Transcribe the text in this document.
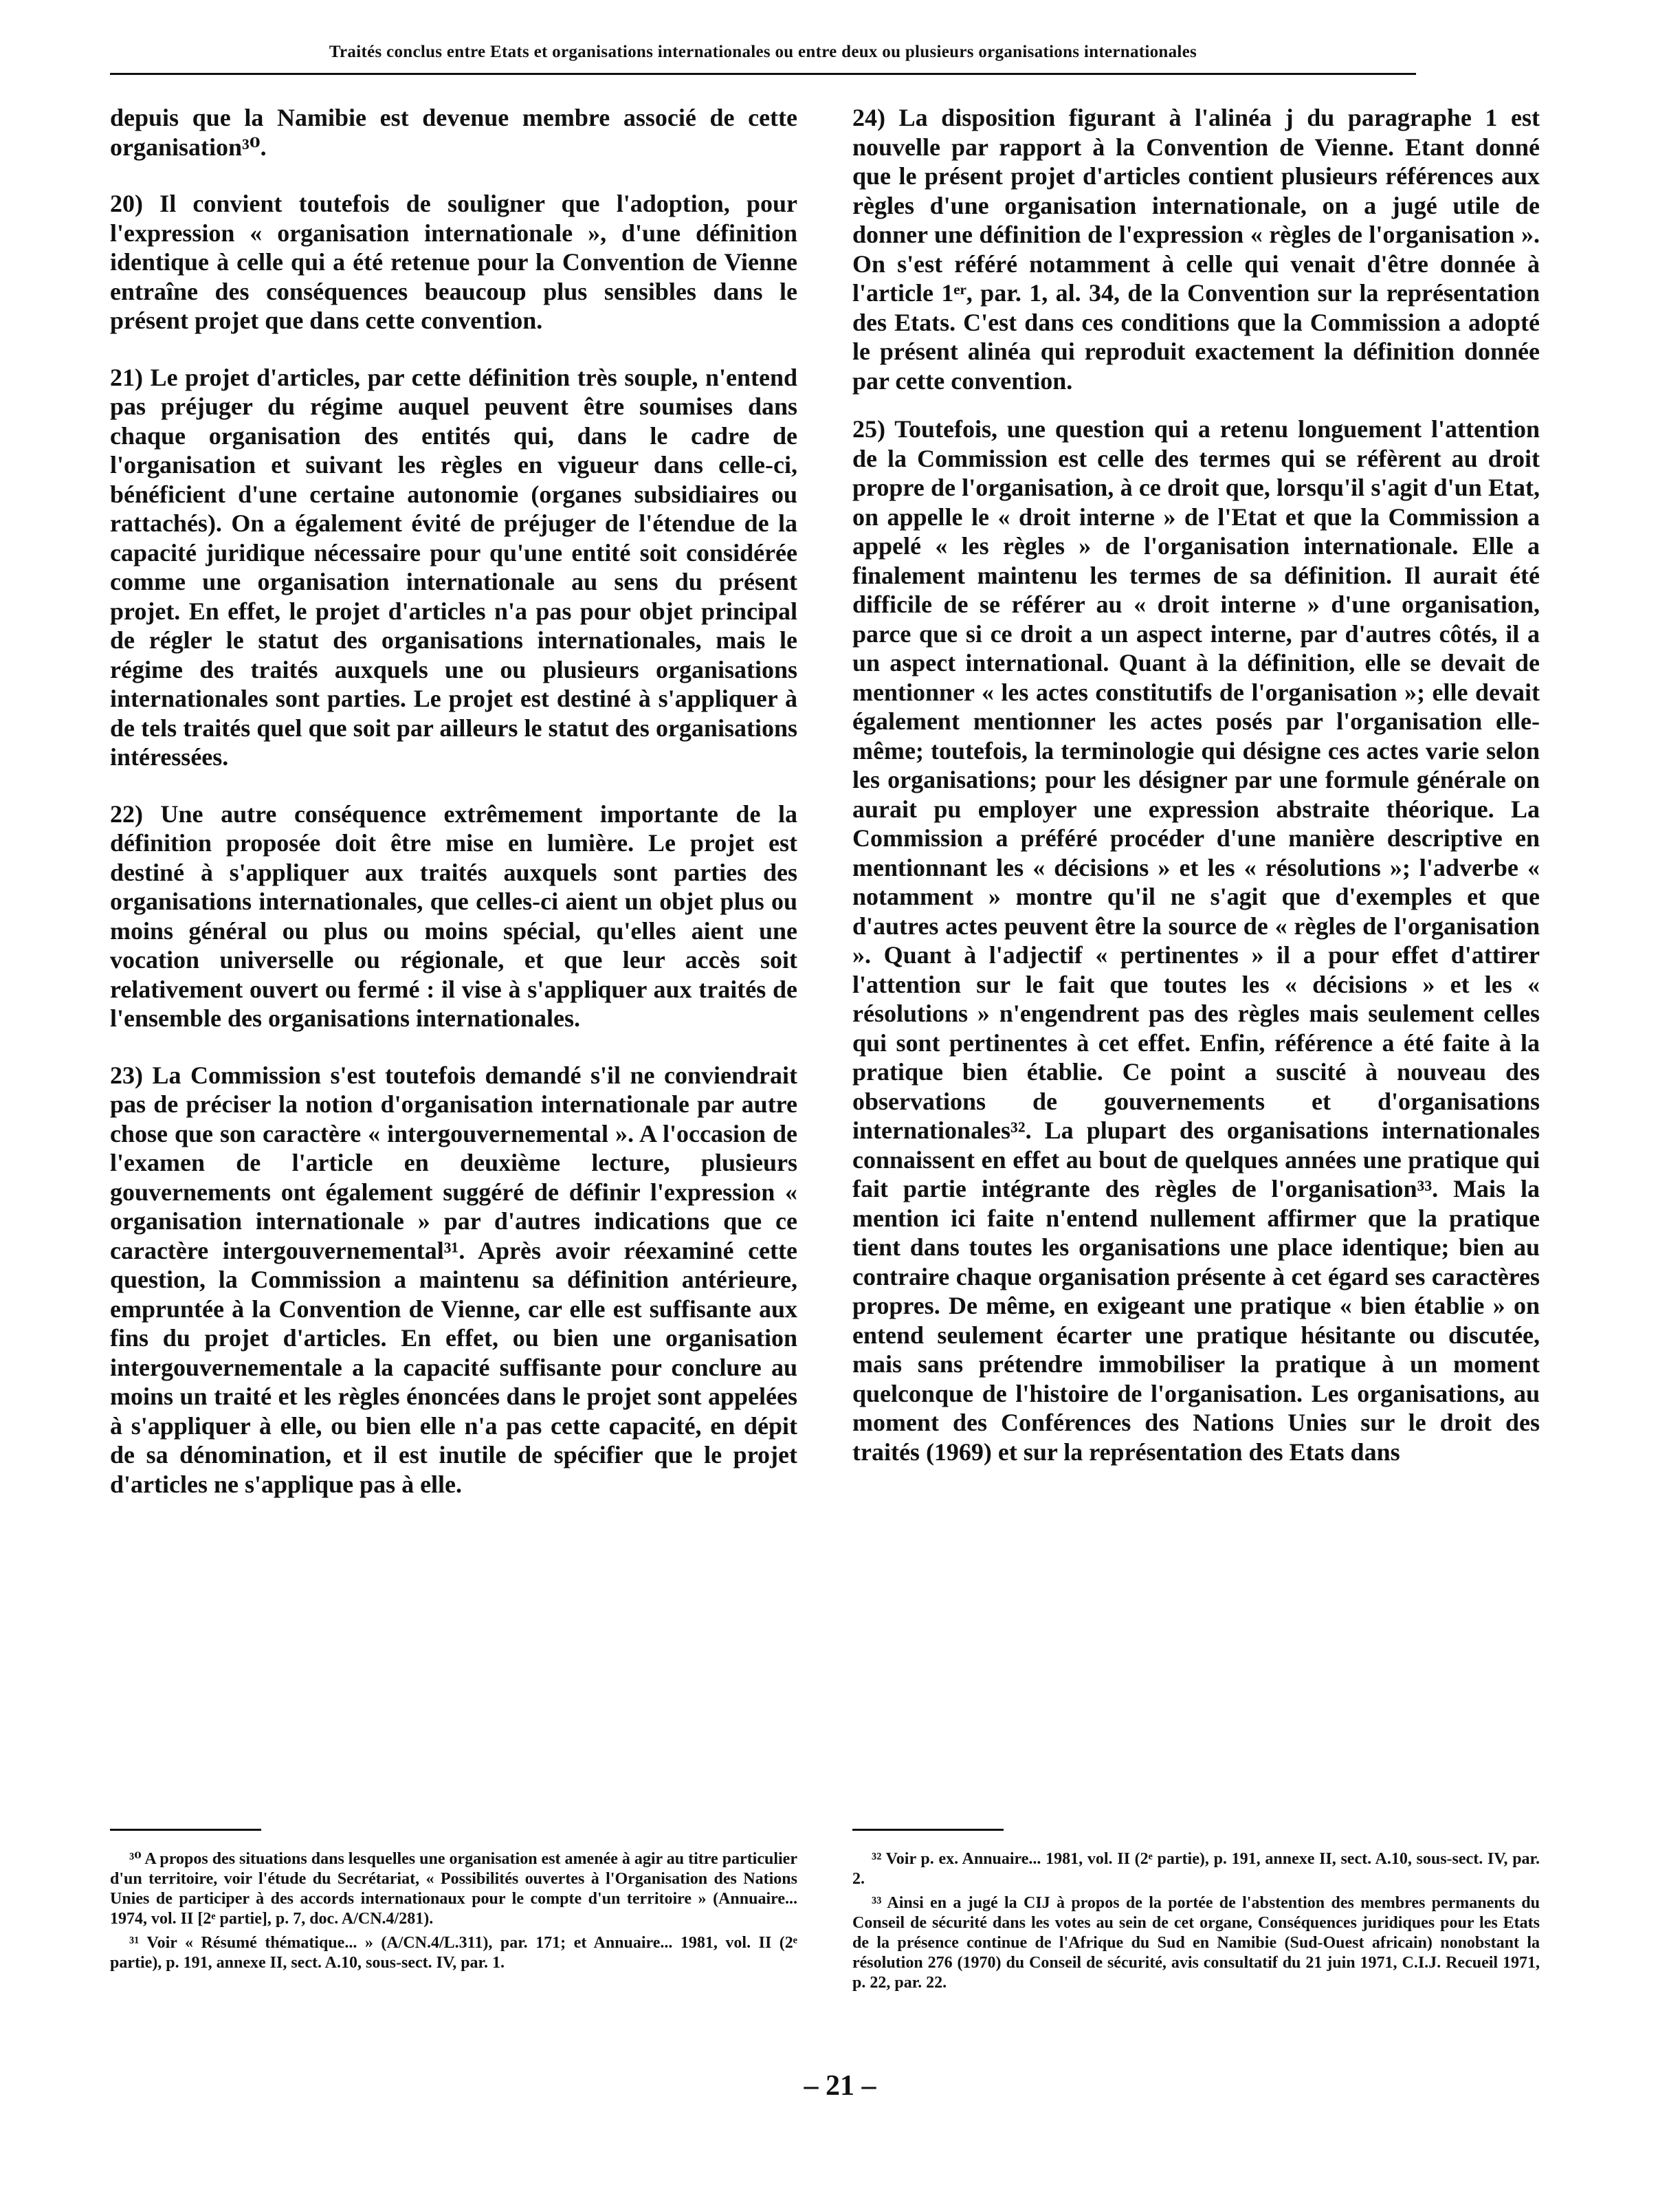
Traités conclus entre Etats et organisations internationales ou entre deux ou plusieurs organisations internationales

depuis que la Namibie est devenue membre associé de cette organisation³⁰.

20) Il convient toutefois de souligner que l'adoption, pour l'expression « organisation internationale », d'une définition identique à celle qui a été retenue pour la Convention de Vienne entraîne des conséquences beaucoup plus sensibles dans le présent projet que dans cette convention.

21) Le projet d'articles, par cette définition très souple, n'entend pas préjuger du régime auquel peuvent être soumises dans chaque organisation des entités qui, dans le cadre de l'organisation et suivant les règles en vigueur dans celle-ci, bénéficient d'une certaine autonomie (organes subsidiaires ou rattachés). On a également évité de préjuger de l'étendue de la capacité juridique nécessaire pour qu'une entité soit considérée comme une organisation internationale au sens du présent projet. En effet, le projet d'articles n'a pas pour objet principal de régler le statut des organisations internationales, mais le régime des traités auxquels une ou plusieurs organisations internationales sont parties. Le projet est destiné à s'appliquer à de tels traités quel que soit par ailleurs le statut des organisations intéressées.

22) Une autre conséquence extrêmement importante de la définition proposée doit être mise en lumière. Le projet est destiné à s'appliquer aux traités auxquels sont parties des organisations internationales, que celles-ci aient un objet plus ou moins général ou plus ou moins spécial, qu'elles aient une vocation universelle ou régionale, et que leur accès soit relativement ouvert ou fermé : il vise à s'appliquer aux traités de l'ensemble des organisations internationales.

23) La Commission s'est toutefois demandé s'il ne conviendrait pas de préciser la notion d'organisation internationale par autre chose que son caractère « intergouvernemental ». A l'occasion de l'examen de l'article en deuxième lecture, plusieurs gouvernements ont également suggéré de définir l'expression « organisation internationale » par d'autres indications que ce caractère intergouvernemental³¹. Après avoir réexaminé cette question, la Commission a maintenu sa définition antérieure, empruntée à la Convention de Vienne, car elle est suffisante aux fins du projet d'articles. En effet, ou bien une organisation intergouvernementale a la capacité suffisante pour conclure au moins un traité et les règles énoncées dans le projet sont appelées à s'appliquer à elle, ou bien elle n'a pas cette capacité, en dépit de sa dénomination, et il est inutile de spécifier que le projet d'articles ne s'applique pas à elle.

24) La disposition figurant à l'alinéa j du paragraphe 1 est nouvelle par rapport à la Convention de Vienne. Etant donné que le présent projet d'articles contient plusieurs références aux règles d'une organisation internationale, on a jugé utile de donner une définition de l'expression « règles de l'organisation ». On s'est référé notamment à celle qui venait d'être donnée à l'article 1ᵉʳ, par. 1, al. 34, de la Convention sur la représentation des Etats. C'est dans ces conditions que la Commission a adopté le présent alinéa qui reproduit exactement la définition donnée par cette convention.

25) Toutefois, une question qui a retenu longuement l'attention de la Commission est celle des termes qui se réfèrent au droit propre de l'organisation, à ce droit que, lorsqu'il s'agit d'un Etat, on appelle le « droit interne » de l'Etat et que la Commission a appelé « les règles » de l'organisation internationale. Elle a finalement maintenu les termes de sa définition. Il aurait été difficile de se référer au « droit interne » d'une organisation, parce que si ce droit a un aspect interne, par d'autres côtés, il a un aspect international. Quant à la définition, elle se devait de mentionner « les actes constitutifs de l'organisation »; elle devait également mentionner les actes posés par l'organisation elle-même; toutefois, la terminologie qui désigne ces actes varie selon les organisations; pour les désigner par une formule générale on aurait pu employer une expression abstraite théorique. La Commission a préféré procéder d'une manière descriptive en mentionnant les « décisions » et les « résolutions »; l'adverbe « notamment » montre qu'il ne s'agit que d'exemples et que d'autres actes peuvent être la source de « règles de l'organisation ». Quant à l'adjectif « pertinentes » il a pour effet d'attirer l'attention sur le fait que toutes les « décisions » et les « résolutions » n'engendrent pas des règles mais seulement celles qui sont pertinentes à cet effet. Enfin, référence a été faite à la pratique bien établie. Ce point a suscité à nouveau des observations de gouvernements et d'organisations internationales³². La plupart des organisations internationales connaissent en effet au bout de quelques années une pratique qui fait partie intégrante des règles de l'organisation³³. Mais la mention ici faite n'entend nullement affirmer que la pratique tient dans toutes les organisations une place identique; bien au contraire chaque organisation présente à cet égard ses caractères propres. De même, en exigeant une pratique « bien établie » on entend seulement écarter une pratique hésitante ou discutée, mais sans prétendre immobiliser la pratique à un moment quelconque de l'histoire de l'organisation. Les organisations, au moment des Conférences des Nations Unies sur le droit des traités (1969) et sur la représentation des Etats dans

³⁰ A propos des situations dans lesquelles une organisation est amenée à agir au titre particulier d'un territoire, voir l'étude du Secrétariat, « Possibilités ouvertes à l'Organisation des Nations Unies de participer à des accords internationaux pour le compte d'un territoire » (Annuaire... 1974, vol. II [2ᵉ partie], p. 7, doc. A/CN.4/281).

³¹ Voir « Résumé thématique... » (A/CN.4/L.311), par. 171; et Annuaire... 1981, vol. II (2ᵉ partie), p. 191, annexe II, sect. A.10, sous-sect. IV, par. 1.

³² Voir p. ex. Annuaire... 1981, vol. II (2ᵉ partie), p. 191, annexe II, sect. A.10, sous-sect. IV, par. 2.

³³ Ainsi en a jugé la CIJ à propos de la portée de l'abstention des membres permanents du Conseil de sécurité dans les votes au sein de cet organe, Conséquences juridiques pour les Etats de la présence continue de l'Afrique du Sud en Namibie (Sud-Ouest africain) nonobstant la résolution 276 (1970) du Conseil de sécurité, avis consultatif du 21 juin 1971, C.I.J. Recueil 1971, p. 22, par. 22.

– 21 –
